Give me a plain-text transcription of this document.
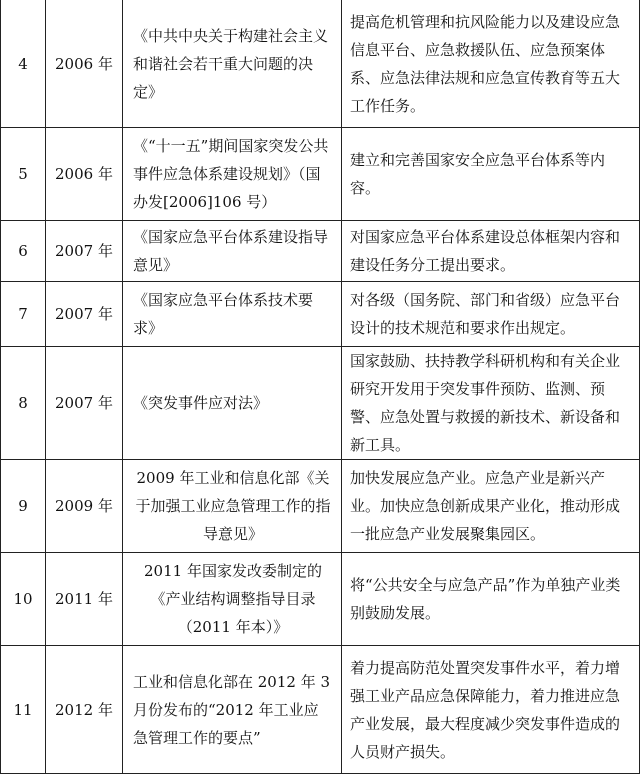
4	2006 年	《中共中央关于构建社会主义和谐社会若干重大问题的决定》	提高危机管理和抗风险能力以及建设应急信息平台、应急救援队伍、应急预案体系、应急法律法规和应急宣传教育等五大工作任务。
5	2006 年	《“十一五”期间国家突发公共事件应急体系建设规划》（国办发[2006]106 号）	建立和完善国家安全应急平台体系等内容。
6	2007 年	《国家应急平台体系建设指导意见》	对国家应急平台体系建设总体框架内容和建设任务分工提出要求。
7	2007 年	《国家应急平台体系技术要求》	对各级（国务院、部门和省级）应急平台设计的技术规范和要求作出规定。
8	2007 年	《突发事件应对法》	国家鼓励、扶持教学科研机构和有关企业研究开发用于突发事件预防、监测、预警、应急处置与救援的新技术、新设备和新工具。
9	2009 年	2009 年工业和信息化部《关于加强工业应急管理工作的指导意见》	加快发展应急产业。应急产业是新兴产业。加快应急创新成果产业化，推动形成一批应急产业发展聚集园区。
10	2011 年	2011 年国家发改委制定的《产业结构调整指导目录（2011 年本）》	将“公共安全与应急产品”作为单独产业类别鼓励发展。
11	2012 年	工业和信息化部在 2012 年 3 月份发布的“2012 年工业应急管理工作的要点”	着力提高防范处置突发事件水平，着力增强工业产品应急保障能力，着力推进应急产业发展，最大程度减少突发事件造成的人员财产损失。
